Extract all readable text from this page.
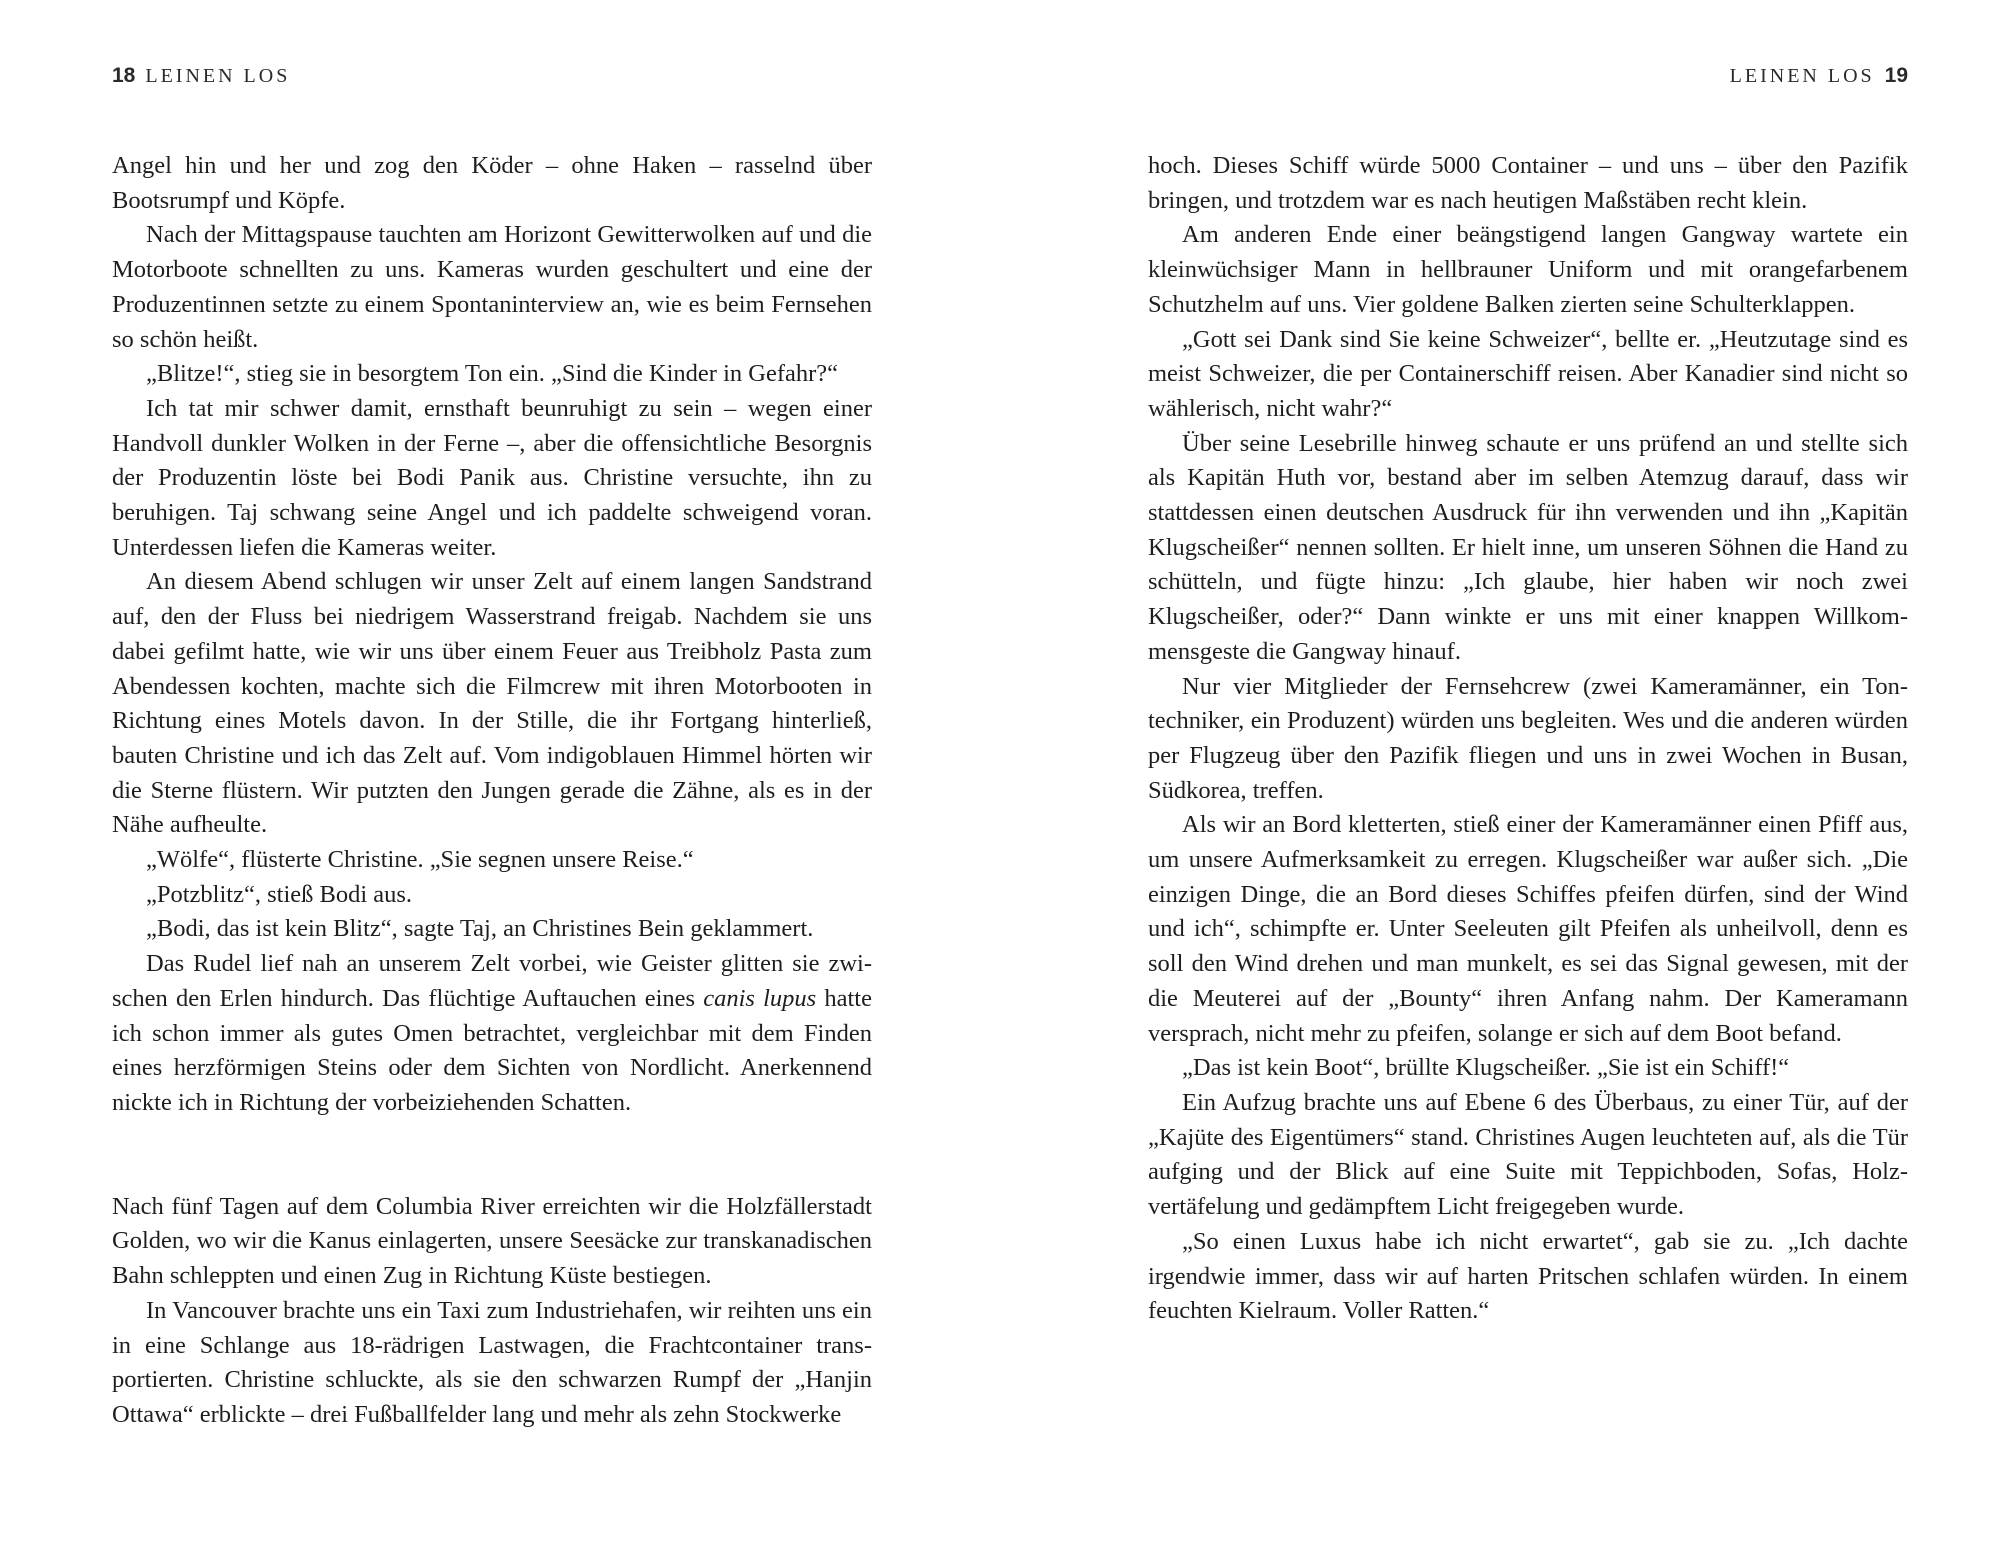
18 LEINEN LOS

Angel hin und her und zog den Köder – ohne Haken – rasselnd über Bootsrumpf und Köpfe.

Nach der Mittagspause tauchten am Horizont Gewitterwolken auf und die Motorboote schnellten zu uns. Kameras wurden geschultert und eine der Produzentinnen setzte zu einem Spontaninterview an, wie es beim Fernsehen so schön heißt.

„Blitze!“, stieg sie in besorgtem Ton ein. „Sind die Kinder in Gefahr?“

Ich tat mir schwer damit, ernsthaft beunruhigt zu sein – wegen einer Handvoll dunkler Wolken in der Ferne –, aber die offensichtliche Besorgnis der Produzentin löste bei Bodi Panik aus. Christine versuchte, ihn zu beruhigen. Taj schwang seine Angel und ich paddelte schweigend voran. Unterdessen liefen die Kameras weiter.

An diesem Abend schlugen wir unser Zelt auf einem langen Sandstrand auf, den der Fluss bei niedrigem Wasserstrand freigab. Nachdem sie uns dabei gefilmt hatte, wie wir uns über einem Feuer aus Treibholz Pasta zum Abendessen kochten, machte sich die Filmcrew mit ihren Motorbooten in Richtung eines Motels davon. In der Stille, die ihr Fortgang hinterließ, bauten Christine und ich das Zelt auf. Vom indigoblauen Himmel hörten wir die Sterne flüstern. Wir putzten den Jungen gerade die Zähne, als es in der Nähe aufheulte.

„Wölfe“, flüsterte Christine. „Sie segnen unsere Reise.“

„Potzblitz“, stieß Bodi aus.

„Bodi, das ist kein Blitz“, sagte Taj, an Christines Bein geklammert.

Das Rudel lief nah an unserem Zelt vorbei, wie Geister glitten sie zwischen den Erlen hindurch. Das flüchtige Auftauchen eines canis lupus hatte ich schon immer als gutes Omen betrachtet, vergleichbar mit dem Finden eines herzförmigen Steins oder dem Sichten von Nordlicht. Anerkennend nickte ich in Richtung der vorbeiziehenden Schatten.

Nach fünf Tagen auf dem Columbia River erreichten wir die Holzfällerstadt Golden, wo wir die Kanus einlagerten, unsere Seesäcke zur transkanadischen Bahn schleppten und einen Zug in Richtung Küste bestiegen.

In Vancouver brachte uns ein Taxi zum Industriehafen, wir reihten uns ein in eine Schlange aus 18-rädrigen Lastwagen, die Frachtcontainer transportierten. Christine schluckte, als sie den schwarzen Rumpf der „Hanjin Ottawa“ erblickte – drei Fußballfelder lang und mehr als zehn Stockwerke

LEINEN LOS 19

hoch. Dieses Schiff würde 5000 Container – und uns – über den Pazifik bringen, und trotzdem war es nach heutigen Maßstäben recht klein.

Am anderen Ende einer beängstigend langen Gangway wartete ein kleinwüchsiger Mann in hellbrauner Uniform und mit orangefarbenem Schutzhelm auf uns. Vier goldene Balken zierten seine Schulterklappen.

„Gott sei Dank sind Sie keine Schweizer“, bellte er. „Heutzutage sind es meist Schweizer, die per Containerschiff reisen. Aber Kanadier sind nicht so wählerisch, nicht wahr?“

Über seine Lesebrille hinweg schaute er uns prüfend an und stellte sich als Kapitän Huth vor, bestand aber im selben Atemzug darauf, dass wir stattdessen einen deutschen Ausdruck für ihn verwenden und ihn „Kapitän Klugscheißer“ nennen sollten. Er hielt inne, um unseren Söhnen die Hand zu schütteln, und fügte hinzu: „Ich glaube, hier haben wir noch zwei Klugscheißer, oder?“ Dann winkte er uns mit einer knappen Willkommensgeste die Gangway hinauf.

Nur vier Mitglieder der Fernsehcrew (zwei Kameramänner, ein Tontechniker, ein Produzent) würden uns begleiten. Wes und die anderen würden per Flugzeug über den Pazifik fliegen und uns in zwei Wochen in Busan, Südkorea, treffen.

Als wir an Bord kletterten, stieß einer der Kameramänner einen Pfiff aus, um unsere Aufmerksamkeit zu erregen. Klugscheißer war außer sich. „Die einzigen Dinge, die an Bord dieses Schiffes pfeifen dürfen, sind der Wind und ich“, schimpfte er. Unter Seeleuten gilt Pfeifen als unheilvoll, denn es soll den Wind drehen und man munkelt, es sei das Signal gewesen, mit der die Meuterei auf der „Bounty“ ihren Anfang nahm. Der Kameramann versprach, nicht mehr zu pfeifen, solange er sich auf dem Boot befand.

„Das ist kein Boot“, brüllte Klugscheißer. „Sie ist ein Schiff!“

Ein Aufzug brachte uns auf Ebene 6 des Überbaus, zu einer Tür, auf der „Kajüte des Eigentümers“ stand. Christines Augen leuchteten auf, als die Tür aufging und der Blick auf eine Suite mit Teppichboden, Sofas, Holzvertäfelung und gedämpftem Licht freigegeben wurde.

„So einen Luxus habe ich nicht erwartet“, gab sie zu. „Ich dachte irgendwie immer, dass wir auf harten Pritschen schlafen würden. In einem feuchten Kielraum. Voller Ratten.“
